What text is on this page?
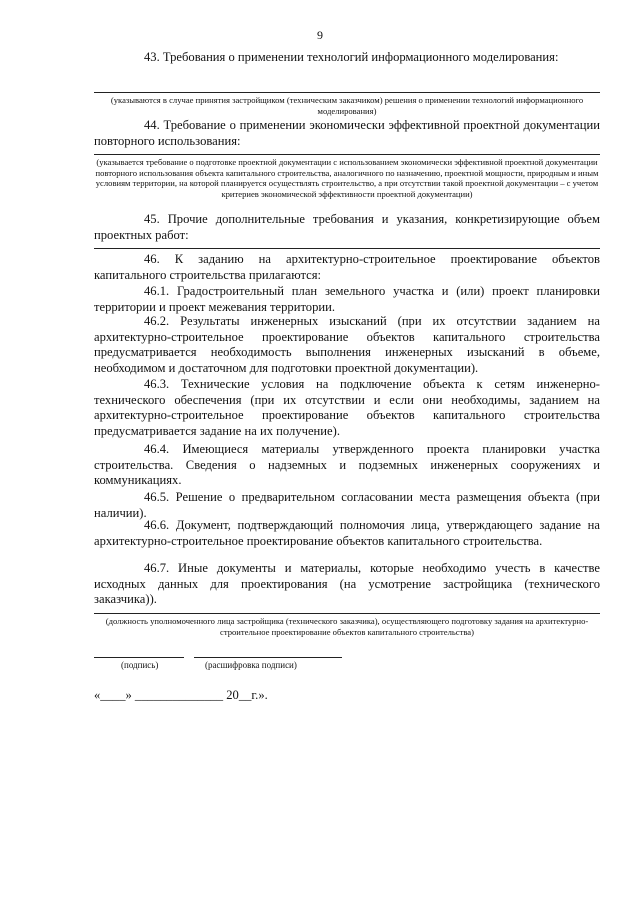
9
43. Требования о применении технологий информационного моделирования:
(указываются в случае принятия застройщиком (техническим заказчиком) решения о применении технологий информационного моделирования)
44. Требование о применении экономически эффективной проектной документации повторного использования:
(указывается требование о подготовке проектной документации с использованием экономически эффективной проектной документации повторного использования объекта капитального строительства, аналогичного по назначению, проектной мощности, природным и иным условиям территории, на которой планируется осуществлять строительство, а при отсутствии такой проектной документации – с учетом критериев экономической эффективности проектной документации)
45. Прочие дополнительные требования и указания, конкретизирующие объем проектных работ:
46. К заданию на архитектурно-строительное проектирование объектов капитального строительства прилагаются:
46.1. Градостроительный план земельного участка и (или) проект планировки территории и проект межевания территории.
46.2. Результаты инженерных изысканий (при их отсутствии заданием на архитектурно-строительное проектирование объектов капитального строительства предусматривается необходимость выполнения инженерных изысканий в объеме, необходимом и достаточном для подготовки проектной документации).
46.3. Технические условия на подключение объекта к сетям инженерно-технического обеспечения (при их отсутствии и если они необходимы, заданием на архитектурно-строительное проектирование объектов капитального строительства предусматривается задание на их получение).
46.4. Имеющиеся материалы утвержденного проекта планировки участка строительства. Сведения о надземных и подземных инженерных сооружениях и коммуникациях.
46.5. Решение о предварительном согласовании места размещения объекта (при наличии).
46.6. Документ, подтверждающий полномочия лица, утверждающего задание на архитектурно-строительное проектирование объектов капитального строительства.
46.7. Иные документы и материалы, которые необходимо учесть в качестве исходных данных для проектирования (на усмотрение застройщика (технического заказчика)).
(должность уполномоченного лица застройщика (технического заказчика), осуществляющего подготовку задания на архитектурно-строительное проектирование объектов капитального строительства)
(подпись)	(расшифровка подписи)
«____» ______________ 20__г.».
